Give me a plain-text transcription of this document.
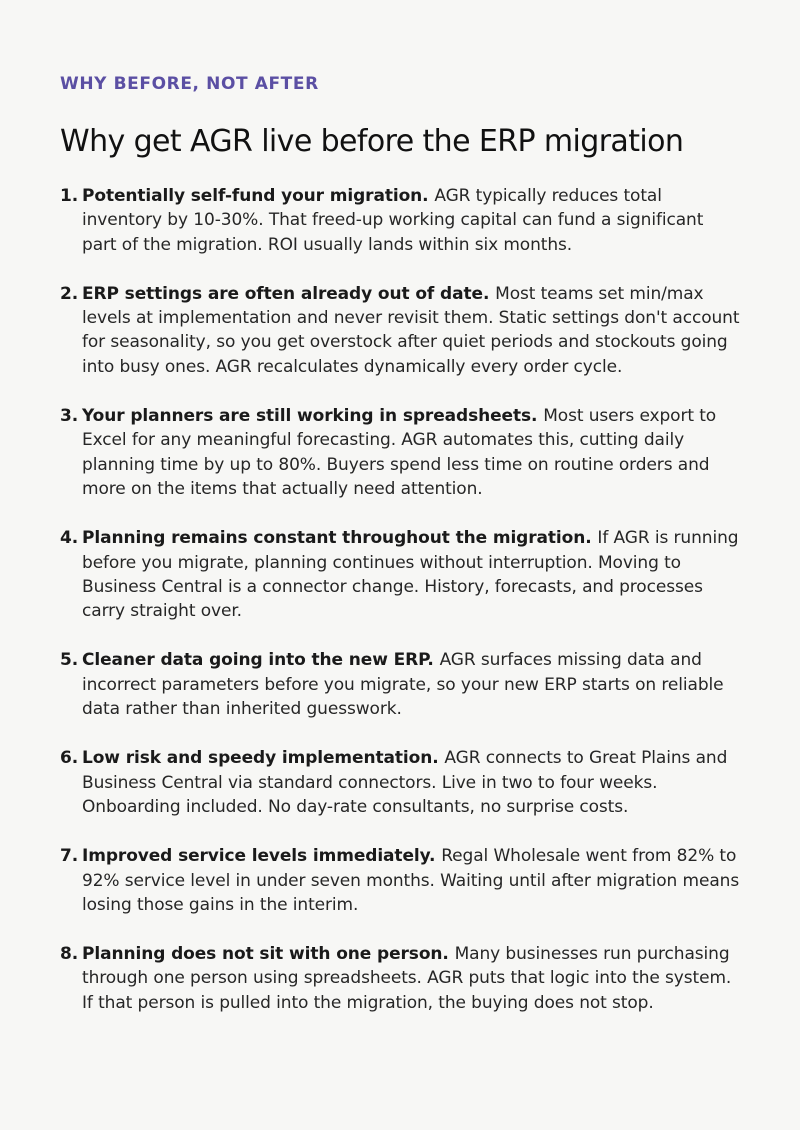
WHY BEFORE, NOT AFTER

Why get AGR live before the ERP migration
1. Potentially self-fund your migration. AGR typically reduces total inventory by 10-30%. That freed-up working capital can fund a significant part of the migration. ROI usually lands within six months.
2. ERP settings are often already out of date. Most teams set min/max levels at implementation and never revisit them. Static settings don't account for seasonality, so you get overstock after quiet periods and stockouts going into busy ones. AGR recalculates dynamically every order cycle.
3. Your planners are still working in spreadsheets. Most users export to Excel for any meaningful forecasting. AGR automates this, cutting daily planning time by up to 80%. Buyers spend less time on routine orders and more on the items that actually need attention.
4. Planning remains constant throughout the migration. If AGR is running before you migrate, planning continues without interruption. Moving to Business Central is a connector change. History, forecasts, and processes carry straight over.
5. Cleaner data going into the new ERP. AGR surfaces missing data and incorrect parameters before you migrate, so your new ERP starts on reliable data rather than inherited guesswork.
6. Low risk and speedy implementation. AGR connects to Great Plains and Business Central via standard connectors. Live in two to four weeks. Onboarding included. No day-rate consultants, no surprise costs.
7. Improved service levels immediately. Regal Wholesale went from 82% to 92% service level in under seven months. Waiting until after migration means losing those gains in the interim.
8. Planning does not sit with one person. Many businesses run purchasing through one person using spreadsheets. AGR puts that logic into the system. If that person is pulled into the migration, the buying does not stop.
